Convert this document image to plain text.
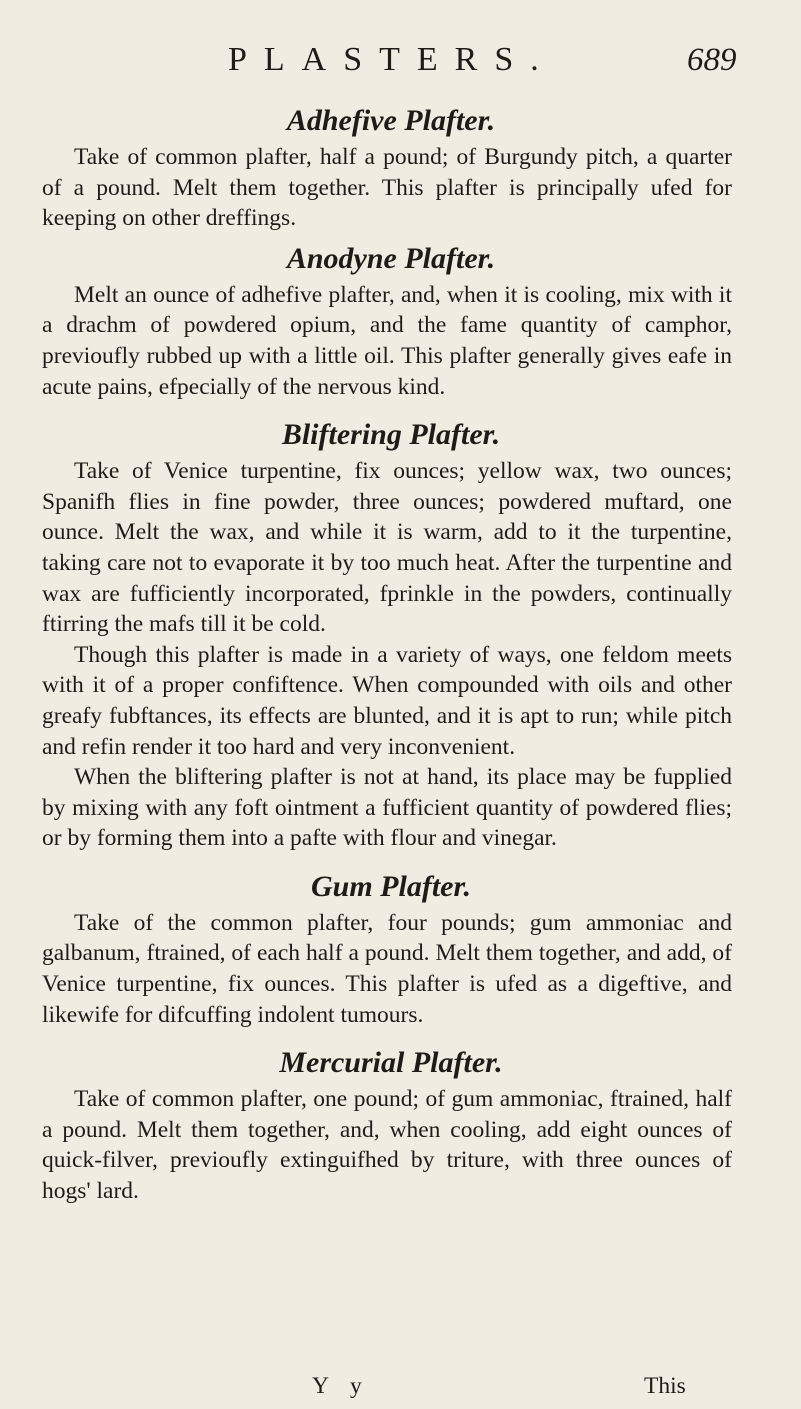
PLASTERS.	689
Adhefive Plafter.

Take of common plafter, half a pound; of Burgundy pitch, a quarter of a pound. Melt them together. This plafter is principally ufed for keeping on other dreffings.

Anodyne Plafter.

Melt an ounce of adhefive plafter, and, when it is cooling, mix with it a drachm of powdered opium, and the fame quantity of camphor, previoufly rubbed up with a little oil. This plafter generally gives eafe in acute pains, efpecially of the nervous kind.

Bliftering Plafter.

Take of Venice turpentine, fix ounces; yellow wax, two ounces; Spanifh flies in fine powder, three ounces; powdered muftard, one ounce. Melt the wax, and while it is warm, add to it the turpentine, taking care not to evaporate it by too much heat. After the turpentine and wax are fufficiently incorporated, fprinkle in the powders, continually ftirring the mafs till it be cold.

Though this plafter is made in a variety of ways, one feldom meets with it of a proper confiftence. When compounded with oils and other greafy fubftances, its effects are blunted, and it is apt to run; while pitch and refin render it too hard and very inconvenient.

When the bliftering plafter is not at hand, its place may be fupplied by mixing with any foft ointment a fufficient quantity of powdered flies; or by forming them into a pafte with flour and vinegar.

Gum Plafter.

Take of the common plafter, four pounds; gum ammoniac and galbanum, ftrained, of each half a pound. Melt them together, and add, of Venice turpentine, fix ounces. This plafter is ufed as a digeftive, and likewife for difcuffing indolent tumours.

Mercurial Plafter.

Take of common plafter, one pound; of gum ammoniac, ftrained, half a pound. Melt them together, and, when cooling, add eight ounces of quick-filver, previoufly extinguifhed by triture, with three ounces of hogs' lard.

Y y	This
